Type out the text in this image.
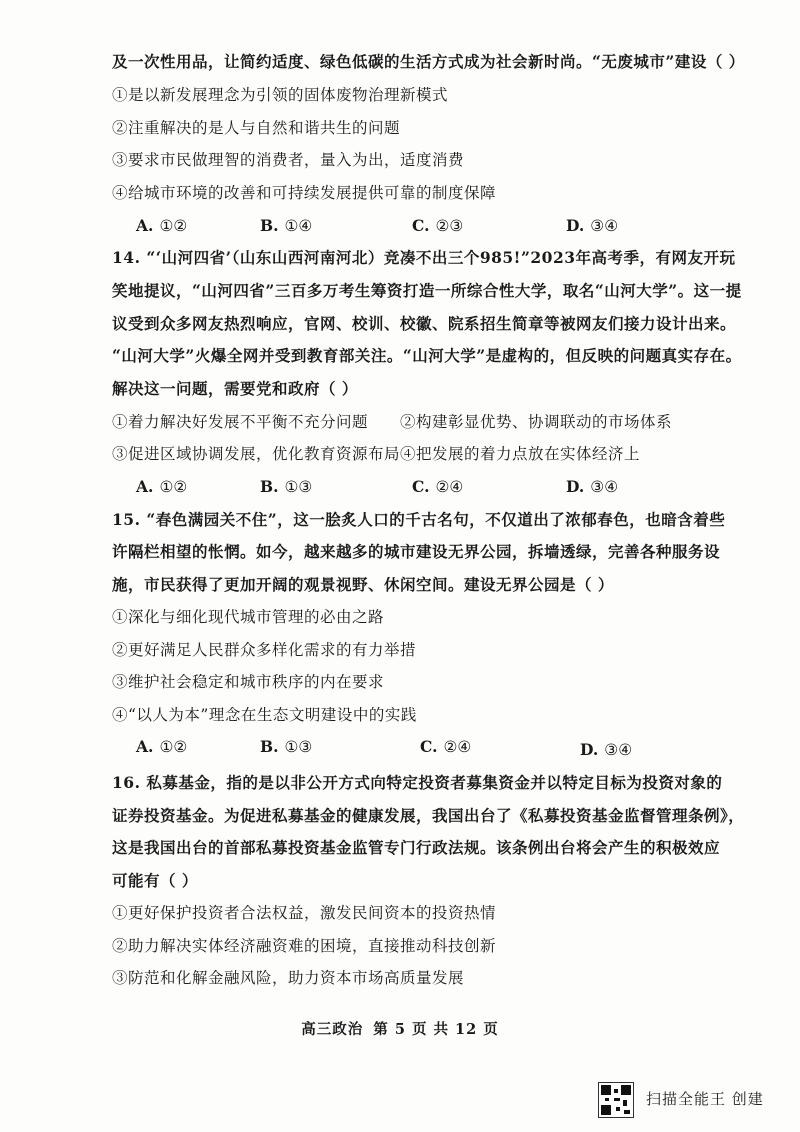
及一次性用品，让简约适度、绿色低碳的生活方式成为社会新时尚。“无废城市”建设（ ）
①是以新发展理念为引领的固体废物治理新模式
②注重解决的是人与自然和谐共生的问题
③要求市民做理智的消费者，量入为出，适度消费
④给城市环境的改善和可持续发展提供可靠的制度保障
A. ①②	B. ①④	C. ②③	D. ③④
14. “‘山河四省’（山东山西河南河北）竞凑不出三个985!”2023年高考季，有网友开玩
笑地提议，“山河四省”三百多万考生筹资打造一所综合性大学，取名“山河大学”。这一提
议受到众多网友热烈响应，官网、校训、校徽、院系招生简章等被网友们接力设计出来。
“山河大学”火爆全网并受到教育部关注。“山河大学”是虚构的，但反映的问题真实存在。
解决这一问题，需要党和政府（ ）
①着力解决好发展不平衡不充分问题　　②构建彰显优势、协调联动的市场体系
③促进区域协调发展，优化教育资源布局④把发展的着力点放在实体经济上
A. ①②	B. ①③	C. ②④	D. ③④
15. “春色满园关不住”，这一脍炙人口的千古名句，不仅道出了浓郁春色，也暗含着些
许隔栏相望的怅惘。如今，越来越多的城市建设无界公园，拆墙透绿，完善各种服务设
施，市民获得了更加开阔的观景视野、休闲空间。建设无界公园是（ ）
①深化与细化现代城市管理的必由之路
②更好满足人民群众多样化需求的有力举措
③维护社会稳定和城市秩序的内在要求
④“以人为本”理念在生态文明建设中的实践
A. ①②	B. ①③	C. ②④	D. ③④
16. 私募基金，指的是以非公开方式向特定投资者募集资金并以特定目标为投资对象的
证券投资基金。为促进私募基金的健康发展，我国出台了《私募投资基金监督管理条例》，
这是我国出台的首部私募投资基金监管专门行政法规。该条例出台将会产生的积极效应
可能有（ ）
①更好保护投资者合法权益，激发民间资本的投资热情
②助力解决实体经济融资难的困境，直接推动科技创新
③防范和化解金融风险，助力资本市场高质量发展
高三政治 第 5 页 共 12 页
扫描全能王 创建
